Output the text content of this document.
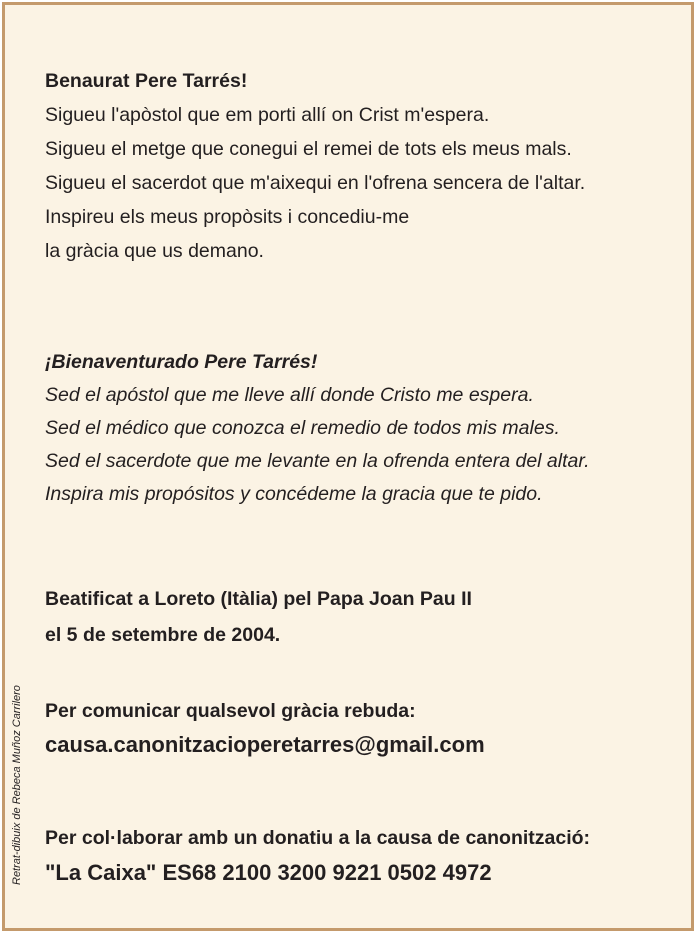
Benaurat Pere Tarrés!
Sigueu l'apòstol que em porti allí on Crist m'espera.
Sigueu el metge que conegui el remei de tots els meus mals.
Sigueu el sacerdot que m'aixequi en l'ofrena sencera de l'altar.
Inspireu els meus propòsits i concediu-me
la gràcia que us demano.
¡Bienaventurado Pere Tarrés!
Sed el apóstol que me lleve allí donde Cristo me espera.
Sed el médico que conozca el remedio de todos mis males.
Sed el sacerdote que me levante en la ofrenda entera del altar.
Inspira mis propósitos y concédeme la gracia que te pido.
Beatificat a Loreto (Itàlia) pel Papa Joan Pau II
el 5 de setembre de 2004.
Per comunicar qualsevol gràcia rebuda:
causa.canonitzacioperetarres@gmail.com
Per col·laborar amb un donatiu a la causa de canonització:
"La Caixa" ES68 2100 3200 9221 0502 4972
Retrat-dibuix de Rebeca Muñoz Carrilero
